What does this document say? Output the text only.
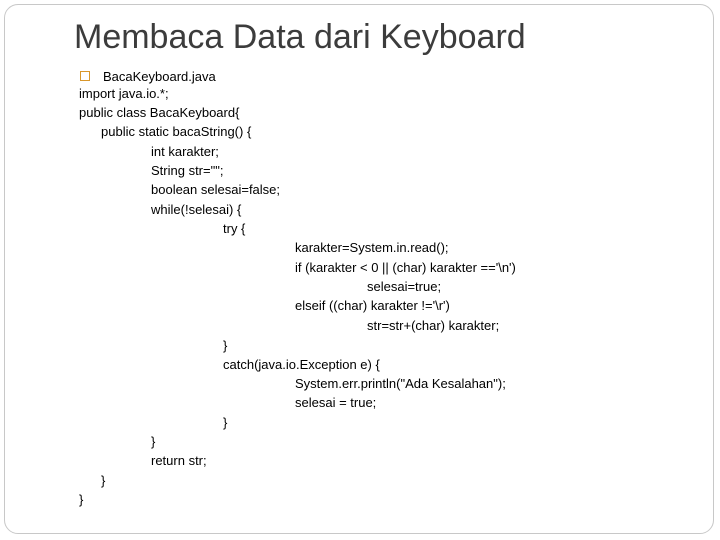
Membaca Data dari Keyboard
BacaKeyboard.java
import java.io.*;
public class BacaKeyboard{
public static bacaString() {
int karakter;
String str="";
boolean selesai=false;
while(!selesai) {
try {
karakter=System.in.read();
if (karakter < 0 || (char) karakter =='\n')
selesai=true;
elseif ((char) karakter !='\r')
str=str+(char) karakter;
}
catch(java.io.Exception e) {
System.err.println("Ada Kesalahan");
selesai = true;
}
}
return str;
}
}
